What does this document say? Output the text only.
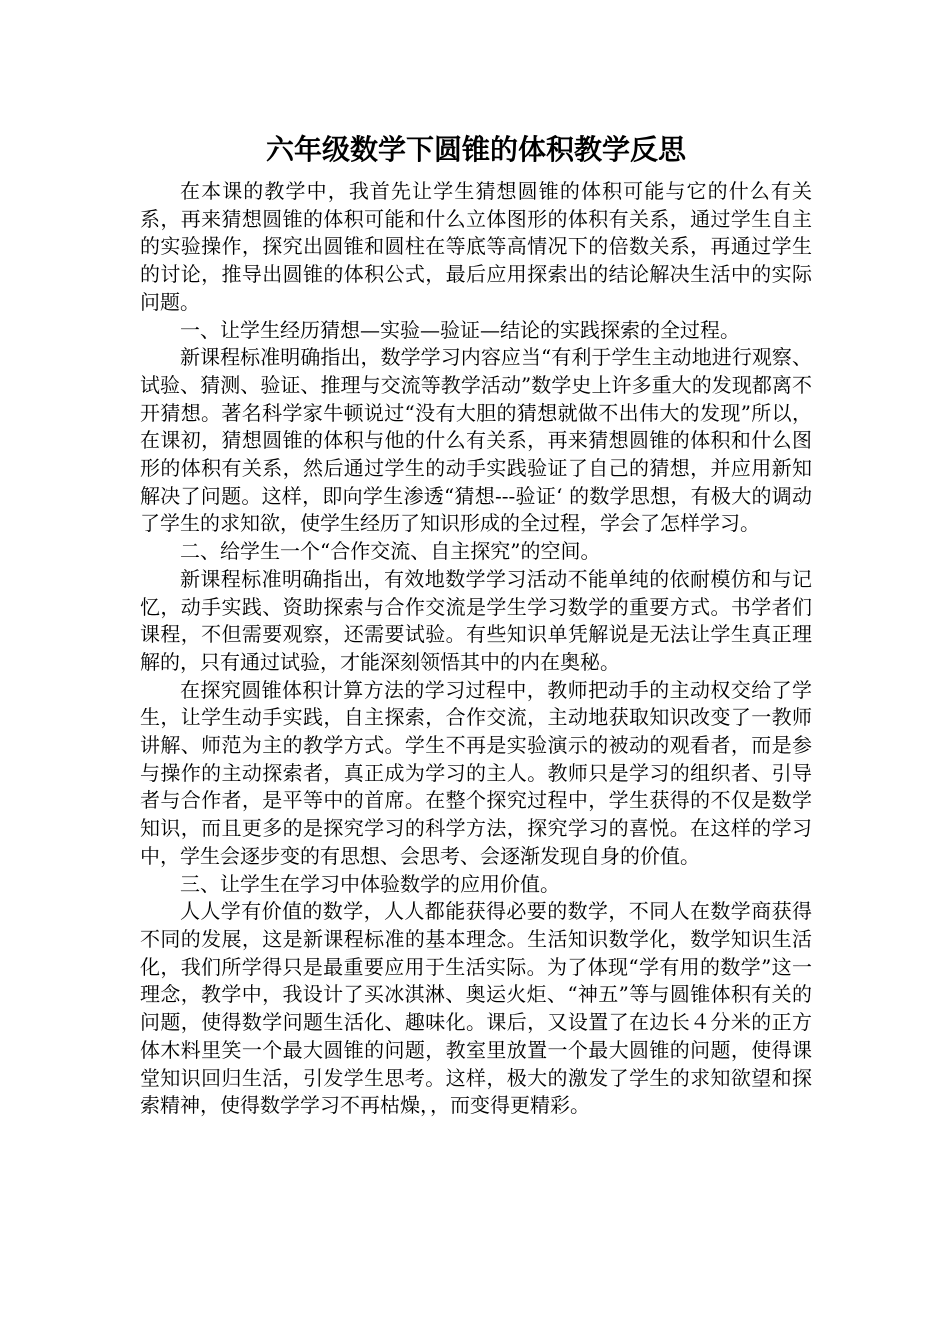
六年级数学下圆锥的体积教学反思

在本课的教学中，我首先让学生猜想圆锥的体积可能与它的什么有关系，再来猜想圆锥的体积可能和什么立体图形的体积有关系，通过学生自主的实验操作，探究出圆锥和圆柱在等底等高情况下的倍数关系，再通过学生的讨论，推导出圆锥的体积公式，最后应用探索出的结论解决生活中的实际问题。

一、让学生经历猜想—实验—验证—结论的实践探索的全过程。

新课程标准明确指出，数学学习内容应当“有利于学生主动地进行观察、试验、猜测、验证、推理与交流等教学活动”数学史上许多重大的发现都离不开猜想。著名科学家牛顿说过“没有大胆的猜想就做不出伟大的发现”所以，在课初，猜想圆锥的体积与他的什么有关系，再来猜想圆锥的体积和什么图形的体积有关系，然后通过学生的动手实践验证了自己的猜想，并应用新知解决了问题。这样，即向学生渗透“猜想---验证‘ 的数学思想，有极大的调动了学生的求知欲，使学生经历了知识形成的全过程，学会了怎样学习。

二、给学生一个“合作交流、自主探究”的空间。

新课程标准明确指出，有效地数学学习活动不能单纯的依耐模仿和与记忆，动手实践、资助探索与合作交流是学生学习数学的重要方式。书学者们课程，不但需要观察，还需要试验。有些知识单凭解说是无法让学生真正理解的，只有通过试验，才能深刻领悟其中的内在奥秘。

在探究圆锥体积计算方法的学习过程中，教师把动手的主动权交给了学生，让学生动手实践，自主探索，合作交流，主动地获取知识改变了一教师讲解、师范为主的教学方式。学生不再是实验演示的被动的观看者，而是参与操作的主动探索者，真正成为学习的主人。教师只是学习的组织者、引导者与合作者，是平等中的首席。在整个探究过程中，学生获得的不仅是数学知识，而且更多的是探究学习的科学方法，探究学习的喜悦。在这样的学习中，学生会逐步变的有思想、会思考、会逐渐发现自身的价值。

三、让学生在学习中体验数学的应用价值。

人人学有价值的数学，人人都能获得必要的数学，不同人在数学商获得不同的发展，这是新课程标准的基本理念。生活知识数学化，数学知识生活化，我们所学得只是最重要应用于生活实际。为了体现“学有用的数学”这一理念，教学中，我设计了买冰淇淋、奥运火炬、“神五”等与圆锥体积有关的问题，使得数学问题生活化、趣味化。课后，又设置了在边长４分米的正方体木料里笑一个最大圆锥的问题，教室里放置一个最大圆锥的问题，使得课堂知识回归生活，引发学生思考。这样，极大的激发了学生的求知欲望和探索精神，使得数学学习不再枯燥，，而变得更精彩。
